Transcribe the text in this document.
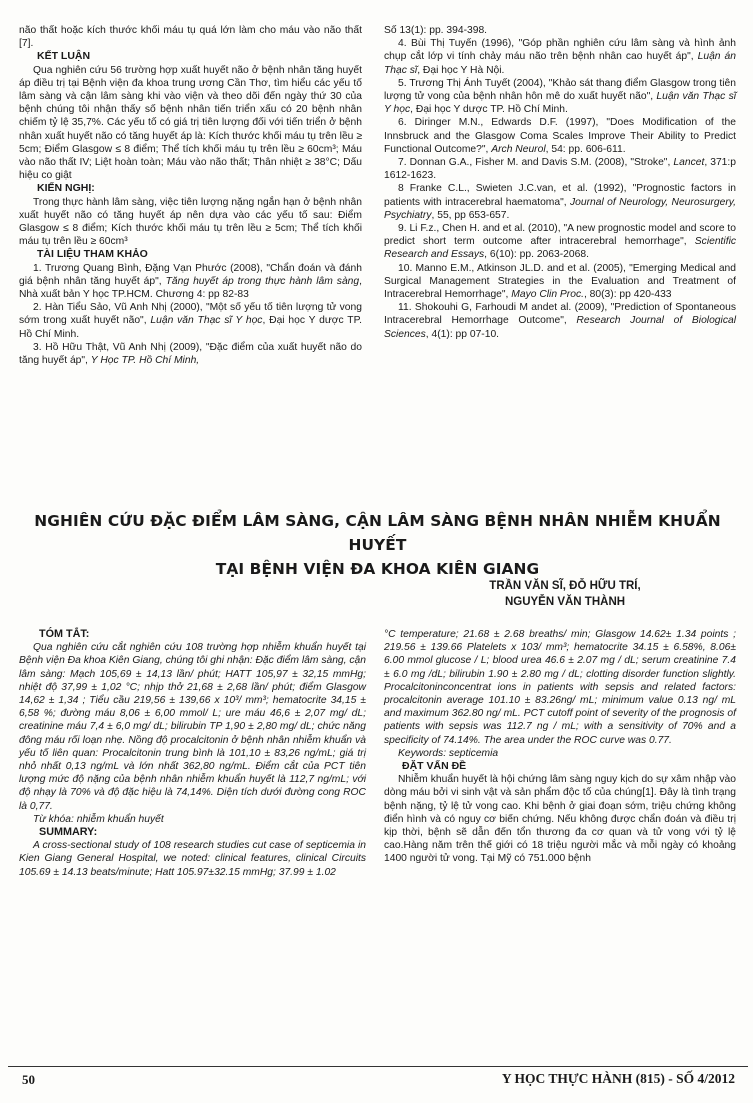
não thất hoặc kích thước khối máu tụ quá lớn làm cho máu vào não thất [7].

KẾT LUẬN

Qua nghiên cứu 56 trường hợp xuất huyết não ở bệnh nhân tăng huyết áp điều trị tại Bệnh viện đa khoa trung ương Cần Thơ, tìm hiểu các yếu tố lâm sàng và cận lâm sàng khi vào viện và theo dõi đến ngày thứ 30 của bệnh chúng tôi nhận thấy số bệnh nhân tiến triển xấu có 20 bệnh nhân chiếm tỷ lệ 35,7%. Các yếu tố có giá trị tiên lượng đối với tiến triển ở bệnh nhân xuất huyết não có tăng huyết áp là: Kích thước khối máu tụ trên lều ≥ 5cm; Điểm Glasgow ≤ 8 điểm; Thể tích khối máu tụ trên lều ≥ 60cm³; Máu vào não thất IV; Liệt hoàn toàn; Máu vào não thất; Thân nhiệt ≥ 38°C; Dấu hiệu co giật

KIẾN NGHỊ:

Trong thực hành lâm sàng, việc tiên lượng nặng ngắn hạn ở bệnh nhân xuất huyết não có tăng huyết áp nên dựa vào các yếu tố sau: Điểm Glasgow ≤ 8 điểm; Kích thước khối máu tụ trên lều ≥ 5cm; Thể tích khối máu tụ trên lều ≥ 60cm³

TÀI LIỆU THAM KHẢO

1. Trương Quang Bình, Đặng Vạn Phước (2008), "Chẩn đoán và đánh giá bệnh nhân tăng huyết áp", Tăng huyết áp trong thực hành lâm sàng, Nhà xuất bản Y học TP.HCM. Chương 4: pp 82-83

2. Hàn Tiểu Sảo, Vũ Anh Nhị (2000), "Một số yếu tố tiên lượng tử vong sớm trong xuất huyết não", Luận văn Thạc sĩ Y học, Đại học Y dược TP. Hồ Chí Minh.

3. Hồ Hữu Thật, Vũ Anh Nhị (2009), "Đặc điểm của xuất huyết não do tăng huyết áp", Y Học TP. Hồ Chí Minh,

Số 13(1): pp. 394-398.

4. Bùi Thị Tuyến (1996), "Góp phần nghiên cứu lâm sàng và hình ảnh chụp cắt lớp vi tính chảy máu não trên bệnh nhân cao huyết áp", Luận án Thạc sĩ, Đại học Y Hà Nội.

5. Trương Thị Ánh Tuyết (2004), "Khảo sát thang điểm Glasgow trong tiên lượng tử vong của bệnh nhân hôn mê do xuất huyết não", Luận văn Thạc sĩ Y học, Đại học Y dược TP. Hồ Chí Minh.

6. Diringer M.N., Edwards D.F. (1997), "Does Modification of the Innsbruck and the Glasgow Coma Scales Improve Their Ability to Predict Functional Outcome?", Arch Neurol, 54: pp. 606-611.

7. Donnan G.A., Fisher M. and Davis S.M. (2008), "Stroke", Lancet, 371:p 1612-1623.

8 Franke C.L., Swieten J.C.van, et al. (1992), "Prognostic factors in patients with intracerebral haematoma", Journal of Neurology, Neurosurgery, Psychiatry, 55, pp 653-657.

9. Li F.z., Chen H. and et al. (2010), "A new prognostic model and score to predict short term outcome after intracerebral hemorrhage", Scientific Research and Essays, 6(10): pp. 2063-2068.

10. Manno E.M., Atkinson JL.D. and et al. (2005), "Emerging Medical and Surgical Management Strategies in the Evaluation and Treatment of Intracerebral Hemorrhage", Mayo Clin Proc., 80(3): pp 420-433

11. Shokouhi G, Farhoudi M andet al. (2009), "Prediction of Spontaneous Intracerebral Hemorrhage Outcome", Research Journal of Biological Sciences, 4(1): pp 07-10.

NGHIÊN CỨU ĐẶC ĐIỂM LÂM SÀNG, CẬN LÂM SÀNG BỆNH NHÂN NHIỄM KHUẨN HUYẾT
TẠI BỆNH VIỆN ĐA KHOA KIÊN GIANG
TRẦN VĂN SĨ, ĐỖ HỮU TRÍ,
NGUYỄN VĂN THÀNH
TÓM TẮT:

Qua nghiên cứu cắt nghiên cứu 108 trường hợp nhiễm khuẩn huyết tại Bệnh viện Đa khoa Kiên Giang, chúng tôi ghi nhận: Đặc điểm lâm sàng, cận lâm sàng: Mạch 105,69 ± 14,13 lần/ phút; HATT 105,97 ± 32,15 mmHg; nhiệt độ 37,99 ± 1,02 °C; nhịp thở 21,68 ± 2,68 lần/ phút; điểm Glasgow 14,62 ± 1,34 ; Tiểu cầu 219,56 ± 139,66 x 10³/ mm³; hematocrite 34,15 ± 6,58 %; đường máu 8,06 ± 6,00 mmol/ L; ure máu 46,6 ± 2,07 mg/ dL; creatinine máu 7,4 ± 6,0 mg/ dL; bilirubin TP 1,90 ± 2,80 mg/ dL; chức năng đông máu rối loạn nhẹ. Nồng độ procalcitonin ở bệnh nhân nhiễm khuẩn và yếu tố liên quan: Procalcitonin trung bình là 101,10 ± 83,26 ng/mL; giá trị nhỏ nhất 0,13 ng/mL và lớn nhất 362,80 ng/mL. Điểm cắt của PCT tiên lượng mức độ nặng của bệnh nhân nhiễm khuẩn huyết là 112,7 ng/mL; với độ nhạy là 70% và độ đặc hiệu là 74,14%. Diện tích dưới đường cong ROC là 0,77.

Từ khóa: nhiễm khuẩn huyết

SUMMARY:

A cross-sectional study of 108 research studies cut case of septicemia in Kien Giang General Hospital, we noted: clinical features, clinical Circuits 105.69 ± 14.13 beats/minute; Hatt 105.97±32.15 mmHg; 37.99 ± 1.02

°C temperature; 21.68 ± 2.68 breaths/ min; Glasgow 14.62± 1.34 points ; 219.56 ± 139.66 Platelets x 103/ mm³; hematocrite 34.15 ± 6.58%, 8.06± 6.00 mmol glucose / L; blood urea 46.6 ± 2.07 mg / dL; serum creatinine 7.4 ± 6.0 mg /dL; bilirubin 1.90 ± 2.80 mg / dL; clotting disorder function slightly. Procalcitoninconcentrat ions in patients with sepsis and related factors: procalcitonin average 101.10 ± 83.26ng/ mL; minimum value 0.13 ng/ mL and maximum 362.80 ng/ mL. PCT cutoff point of severity of the prognosis of patients with sepsis was 112.7 ng / mL; with a sensitivity of 70% and a specificity of 74.14%. The area under the ROC curve was 0.77.

Keywords: septicemia

ĐẶT VẤN ĐỀ

Nhiễm khuẩn huyết là hội chứng lâm sàng nguy kịch do sự xâm nhập vào dòng máu bởi vi sinh vật và sản phẩm độc tố của chúng[1]. Đây là tình trạng bệnh nặng, tỷ lệ tử vong cao. Khi bệnh ở giai đoạn sớm, triệu chứng không điển hình và có nguy cơ biến chứng. Nếu không được chẩn đoán và điều trị kịp thời, bệnh sẽ dẫn đến tổn thương đa cơ quan và tử vong với tỷ lệ cao.Hàng năm trên thế giới có 18 triệu người mắc và mỗi ngày có khoảng 1400 người tử vong. Tại Mỹ có 751.000 bệnh

50	Y HỌC THỰC HÀNH (815) - SỐ 4/2012
